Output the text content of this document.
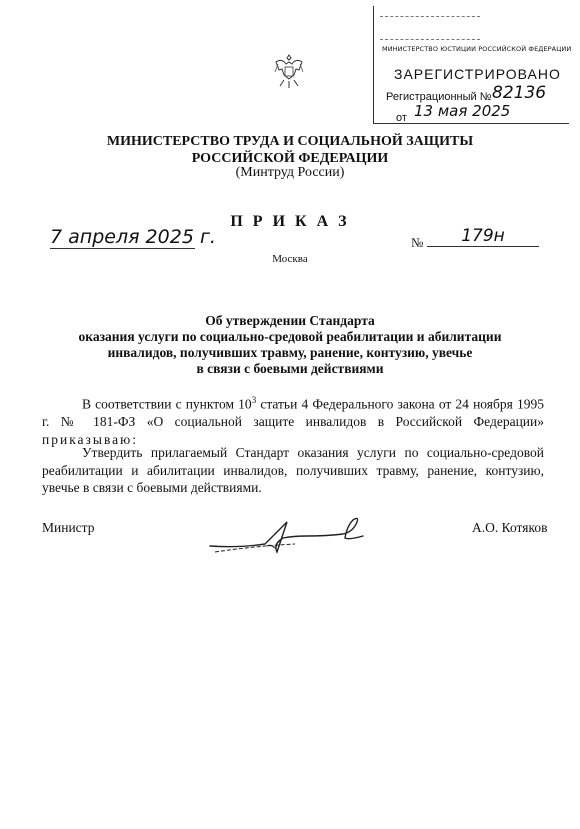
МИНИСТЕРСТВО ЮСТИЦИИ РОССИЙСКОЙ ФЕДЕРАЦИИ
ЗАРЕГИСТРИРОВАНО
Регистрационный № 82136
от 13 мая 2025
МИНИСТЕРСТВО ТРУДА И СОЦИАЛЬНОЙ ЗАЩИТЫ
РОССИЙСКОЙ ФЕДЕРАЦИИ
(Минтруд России)
П Р И К А З
7 апреля 2025 г.	№	179н
Москва
Об утверждении Стандарта
оказания услуги по социально-средовой реабилитации и абилитации
инвалидов, получивших травму, ранение, контузию, увечье
в связи с боевыми действиями
В соответствии с пунктом $10^3$ статьи 4 Федерального закона от 24 ноября 1995 г. № 181-ФЗ «О социальной защите инвалидов в Российской Федерации» приказываю:
Утвердить прилагаемый Стандарт оказания услуги по социально-средовой реабилитации и абилитации инвалидов, получивших травму, ранение, контузию, увечье в связи с боевыми действиями.
Министр	А.О. Котяков
